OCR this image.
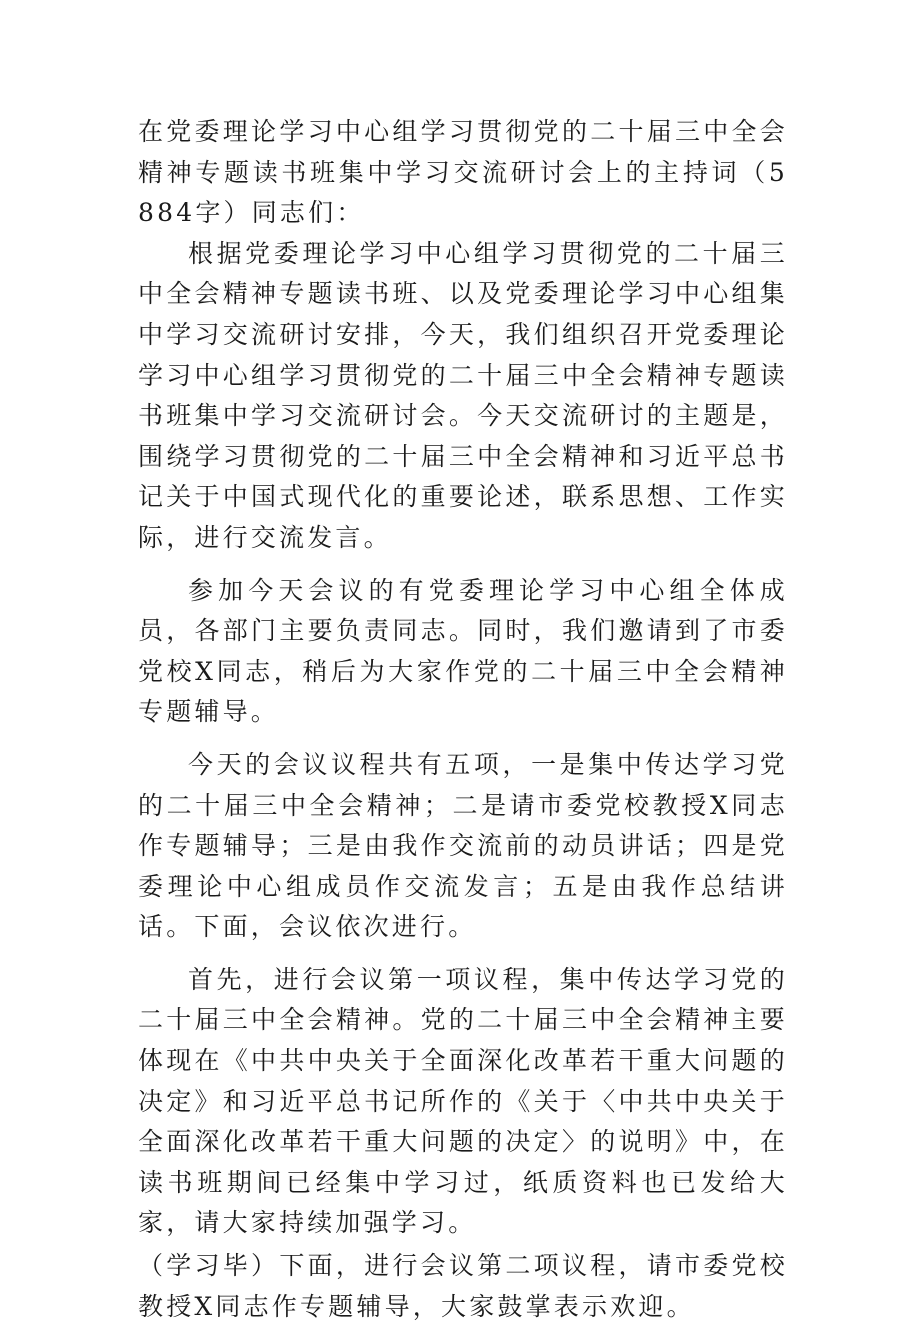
在党委理论学习中心组学习贯彻党的二十届三中全会精神专题读书班集中学习交流研讨会上的主持词（5884字）同志们：

根据党委理论学习中心组学习贯彻党的二十届三中全会精神专题读书班、以及党委理论学习中心组集中学习交流研讨安排，今天，我们组织召开党委理论学习中心组学习贯彻党的二十届三中全会精神专题读书班集中学习交流研讨会。今天交流研讨的主题是，围绕学习贯彻党的二十届三中全会精神和习近平总书记关于中国式现代化的重要论述，联系思想、工作实际，进行交流发言。

参加今天会议的有党委理论学习中心组全体成员，各部门主要负责同志。同时，我们邀请到了市委党校X同志，稍后为大家作党的二十届三中全会精神专题辅导。

今天的会议议程共有五项，一是集中传达学习党的二十届三中全会精神；二是请市委党校教授X同志作专题辅导；三是由我作交流前的动员讲话；四是党委理论中心组成员作交流发言；五是由我作总结讲话。下面，会议依次进行。

首先，进行会议第一项议程，集中传达学习党的二十届三中全会精神。党的二十届三中全会精神主要体现在《中共中央关于全面深化改革若干重大问题的决定》和习近平总书记所作的《关于〈中共中央关于全面深化改革若干重大问题的决定〉的说明》中，在读书班期间已经集中学习过，纸质资料也已发给大家，请大家持续加强学习。

（学习毕）下面，进行会议第二项议程，请市委党校教授X同志作专题辅导，大家鼓掌表示欢迎。
